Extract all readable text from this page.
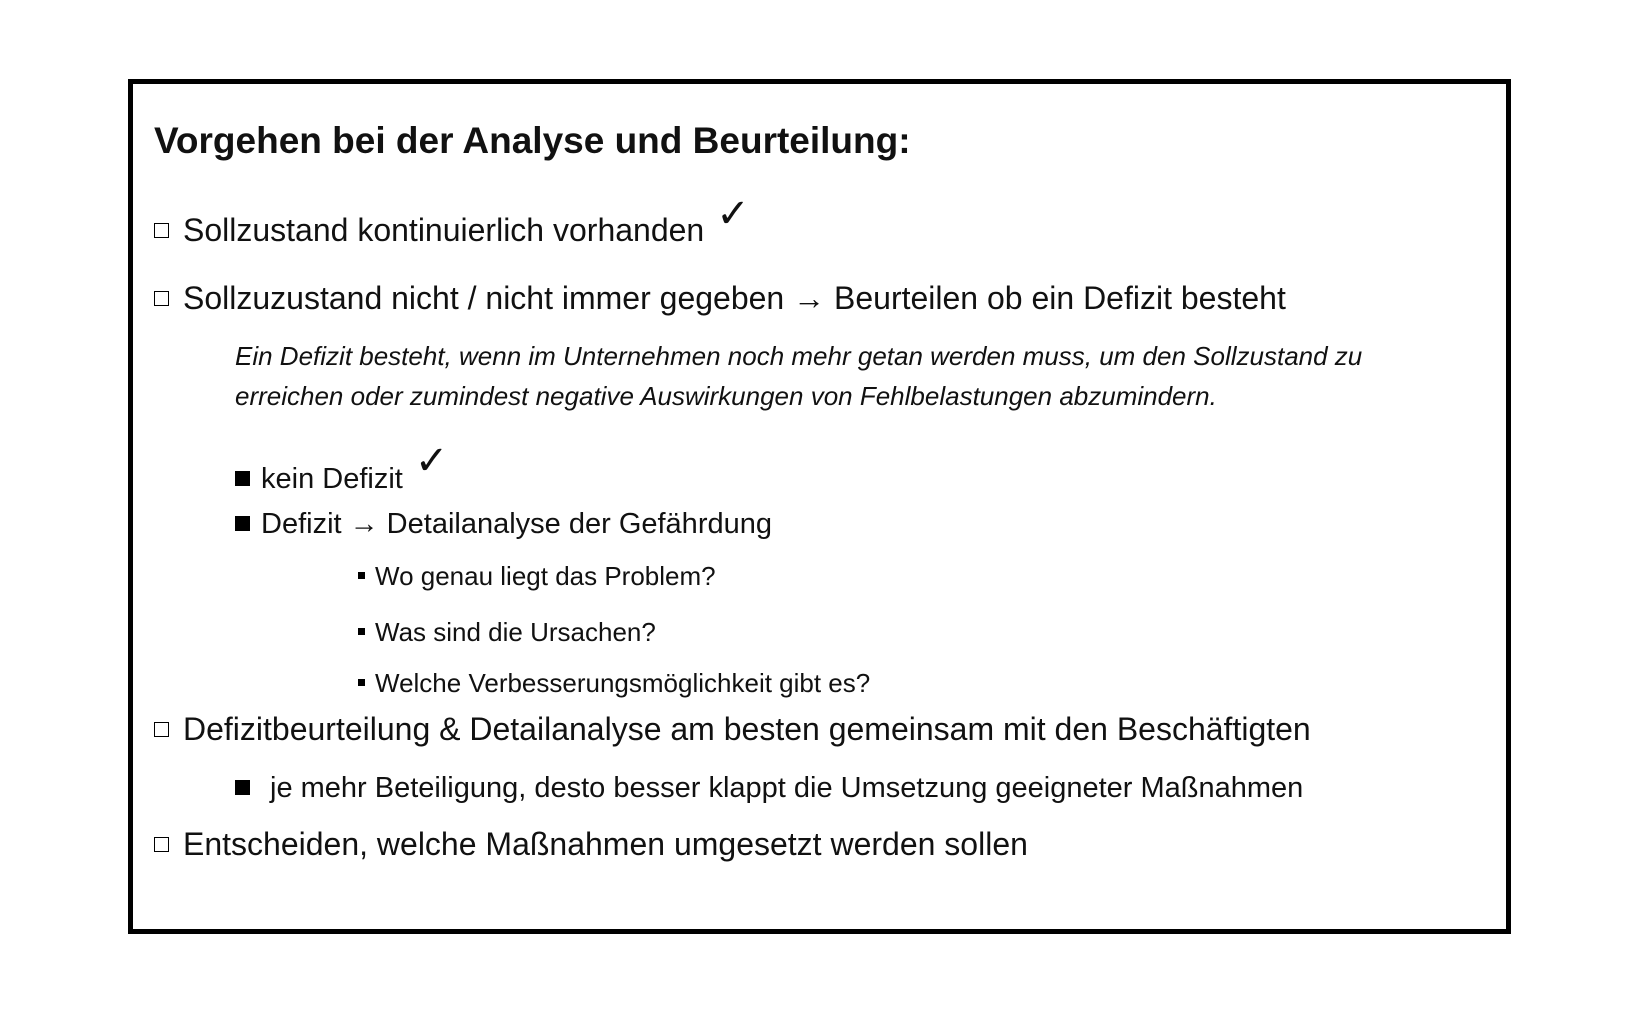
Vorgehen bei der Analyse und Beurteilung:
Sollzustand kontinuierlich vorhanden ✓
Sollzuzustand nicht / nicht immer gegeben → Beurteilen ob ein Defizit besteht
Ein Defizit besteht, wenn im Unternehmen noch mehr getan werden muss, um den Sollzustand zu
erreichen oder zumindest negative Auswirkungen von Fehlbelastungen abzumindern.
kein Defizit ✓
Defizit → Detailanalyse der Gefährdung
Wo genau liegt das Problem?
Was sind die Ursachen?
Welche Verbesserungsmöglichkeit gibt es?
Defizitbeurteilung & Detailanalyse am besten gemeinsam mit den Beschäftigten
je mehr Beteiligung, desto besser klappt die Umsetzung geeigneter Maßnahmen
Entscheiden, welche Maßnahmen umgesetzt werden sollen
